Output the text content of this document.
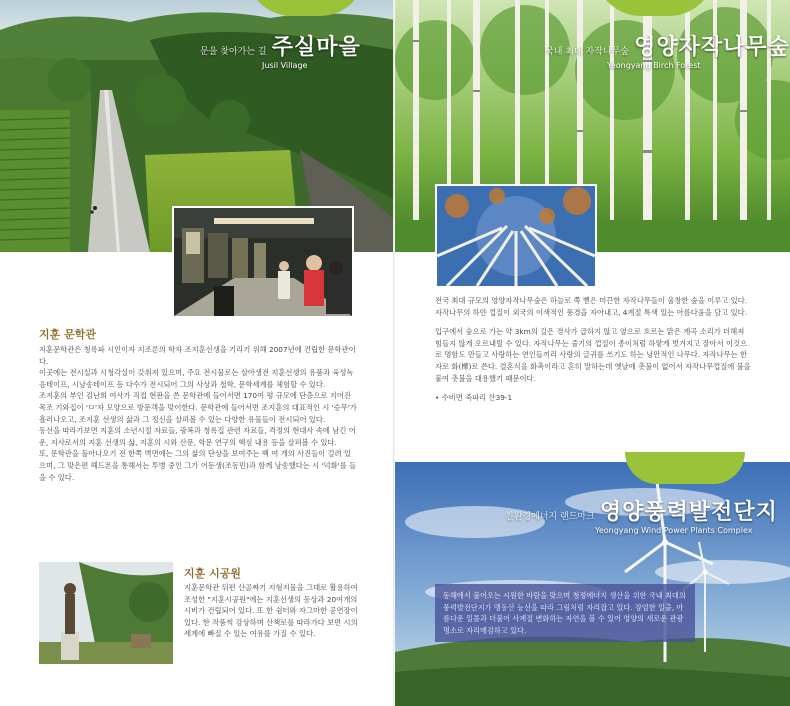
문을 찾아가는 길 주실마을
Jusil Village
지훈 문학관

지훈문학관은 청록파 시인이자 지조론의 학자 조지훈선생을 기리기 위해 2007년에 건립한 문학관이다.

이곳에는 전시실과 시청각실이 갖춰져 있으며, 주요 전시물로는 살아생전 지훈선생의 유품과 육성녹음테이프, 시낭송테이프 등 다수가 전시되어 그의 사상과 철학, 문학세계를 체험할 수 있다.

조지훈의 부인 김난희 여사가 직접 현판을 쓴 문학관에 들어서면 170여 평 규모에 단층으로 지어진 목조 기와집이 'ㅁ'자 모양으로 방문객을 맞이한다. 문학관에 들어서면 조지훈의 대표적인 시 '승무'가 흘러나오고, 조지훈 선생의 삶과 그 정신을 살펴볼 수 있는 다양한 유물들이 전시되어 있다.

동선을 따라가보면 지훈의 소년시절 자료들, 광복과 청록집 관련 자료들, 격정의 현대사 속에 남긴 어운, 지사로서의 지훈 선생의 삶, 지훈의 시와 산문, 학문 연구의 핵심 내용 등을 살펴볼 수 있다.

또, 문학관을 돌아나오기 전 한쪽 벽면에는 그의 삶의 단상을 보여주는 백 여 개의 사진들이 걸려 있으며, 그 맞은편 헤드폰을 통해서는 투병 중인 그가 어둔생(조동민)과 함께 낭송했다는 시 '넉화'를 들을 수 있다.

지훈 시공원
지훈문학관 뒤편 산골짜기 지형지물을 그대로 활용하여 조성한 "지훈시공원"에는 지훈선생의 동상과 20여개의 시비가 건립되어 있다. 또 한 쉼터와 자그마한 공연장이 있다. 한 작품씩 감상하며 산책로를 따라가다 보면 시의 세계에 빠질 수 있는 여유를 가질 수 있다.
국내 최대 자작나무숲 영양자작나무숲
Yeongyang Birch Forest

전국 최대 규모의 영양자작나무숲은 하늘로 쭉 뻗은 미끈한 자작나무들이 울창한 숲을 이루고 있다. 자작나무의 하얀 껍질이 외국의 이색적인 풍경을 자아내고, 4계절 특색 있는 아름다움을 담고 있다.

입구에서 숲으로 가는 약 3km의 길은 경사가 급하지 않고 옆으로 흐르는 맑은 계곡 소리가 더해져 힘들지 않게 오르내릴 수 있다. 자작나무는 줄기의 껍질이 종이처럼 하얗게 벗겨지고 잘아서 이것으로 명함도 만들고 사랑하는 연인들끼리 사랑의 글귀를 쓰기도 하는 낭만적인 나무다. 자작나무는 한자로 화(樺)로 쓴다. 결혼식을 화촉이라고 흔히 말하는데 옛날에 촛불이 없어서 자작나무껍질에 불을 붙여 촛불을 대용했기 때문이다.

• 수비면 죽파리 산39-1

친환경에너지 랜드마크 영양풍력발전단지
Yeongyang Wind Power Plants Complex
동해에서 불어오는 시원한 바람을 맞으며 청정에너지 생산을 위한 국내 최대의 풍력발전단지가 맹동산 능선을 따라 그림처럼 자리잡고 있다. 장엄한 일출, 아름다운 일몰과 더불어 사계절 변화하는 자연을 볼 수 있어 영양의 새로운 관광명소로 자리매김하고 있다.
